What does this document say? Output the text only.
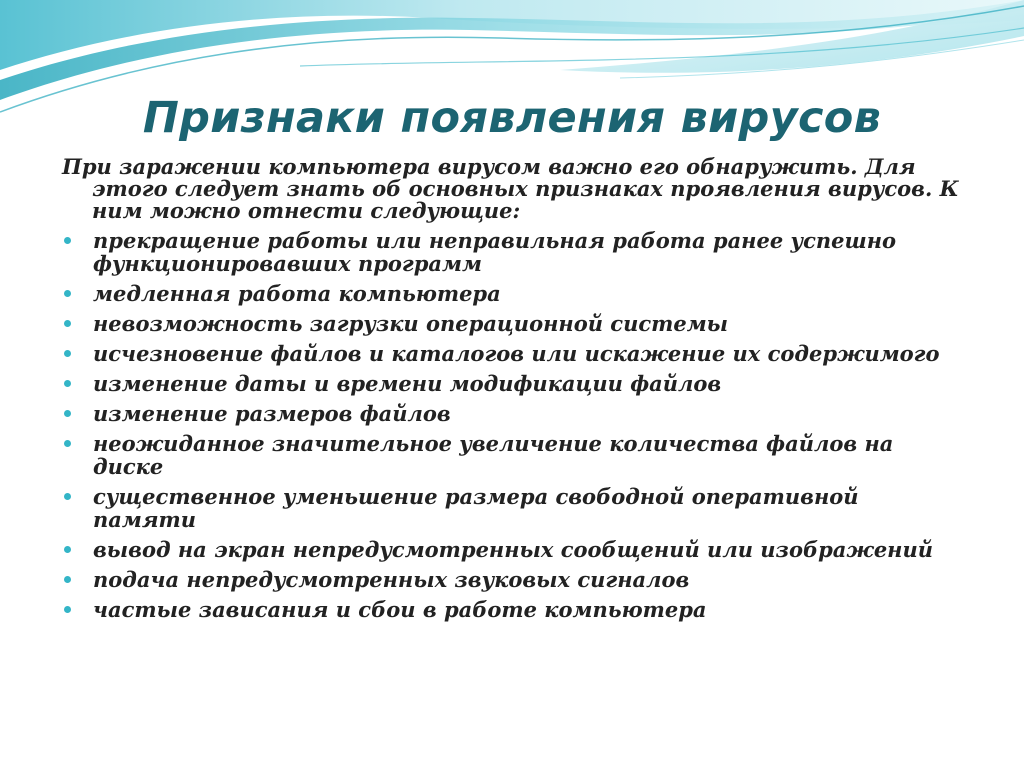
Признаки появления вирусов

При заражении компьютера вирусом важно его обнаружить. Для этого следует знать об основных признаках проявления вирусов. К ним можно отнести следующие:

прекращение работы или неправильная работа ранее успешно функционировавших программ
медленная работа компьютера
невозможность загрузки операционной системы
исчезновение файлов и каталогов или искажение их содержимого
изменение даты и времени модификации файлов
изменение размеров файлов
неожиданное значительное увеличение количества файлов на диске
существенное уменьшение размера свободной оперативной памяти
вывод на экран непредусмотренных сообщений или изображений
подача непредусмотренных звуковых сигналов
частые зависания и сбои в работе компьютера
